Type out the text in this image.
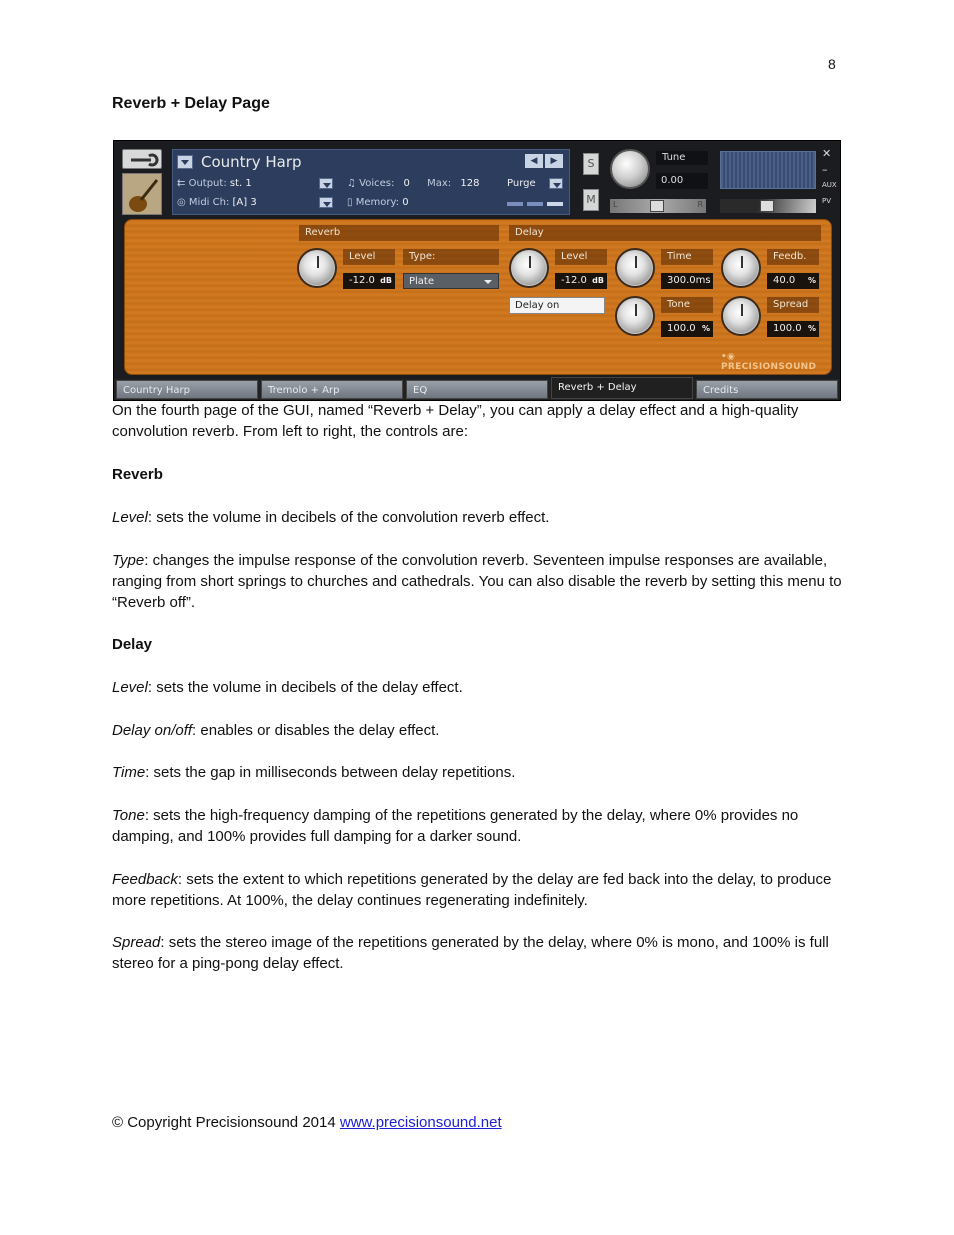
8
Reverb + Delay Page
Country Harp	◀ ▶
⇇ Output: st. 1
◎ Midi Ch: [A] 3
♫ Voices: 0 Max: 128
▯ Memory: 0
Purge
S
M
Tune
0.00
L	R
✕
–
AUX
PV
Reverb
Level
-12.0 dB
Type:
Plate
Delay
Level
-12.0 dB
Delay on
Time
300.0ms
Tone
100.0 %
Feedb.
40.0 %
Spread
100.0 %
•◉ PRECISIONSOUND
Country Harp	Tremolo + Arp	EQ	Reverb + Delay	Credits
On the fourth page of the GUI, named “Reverb + Delay”, you can apply a delay effect and a high-quality convolution reverb. From left to right, the controls are:
Reverb
Level: sets the volume in decibels of the convolution reverb effect.
Type: changes the impulse response of the convolution reverb. Seventeen impulse responses are available, ranging from short springs to churches and cathedrals. You can also disable the reverb by setting this menu to “Reverb off”.
Delay
Level: sets the volume in decibels of the delay effect.
Delay on/off: enables or disables the delay effect.
Time: sets the gap in milliseconds between delay repetitions.
Tone: sets the high-frequency damping of the repetitions generated by the delay, where 0% provides no damping, and 100% provides full damping for a darker sound.
Feedback: sets the extent to which repetitions generated by the delay are fed back into the delay, to produce more repetitions. At 100%, the delay continues regenerating indefinitely.
Spread: sets the stereo image of the repetitions generated by the delay, where 0% is mono, and 100% is full stereo for a ping-pong delay effect.
© Copyright Precisionsound 2014 www.precisionsound.net
